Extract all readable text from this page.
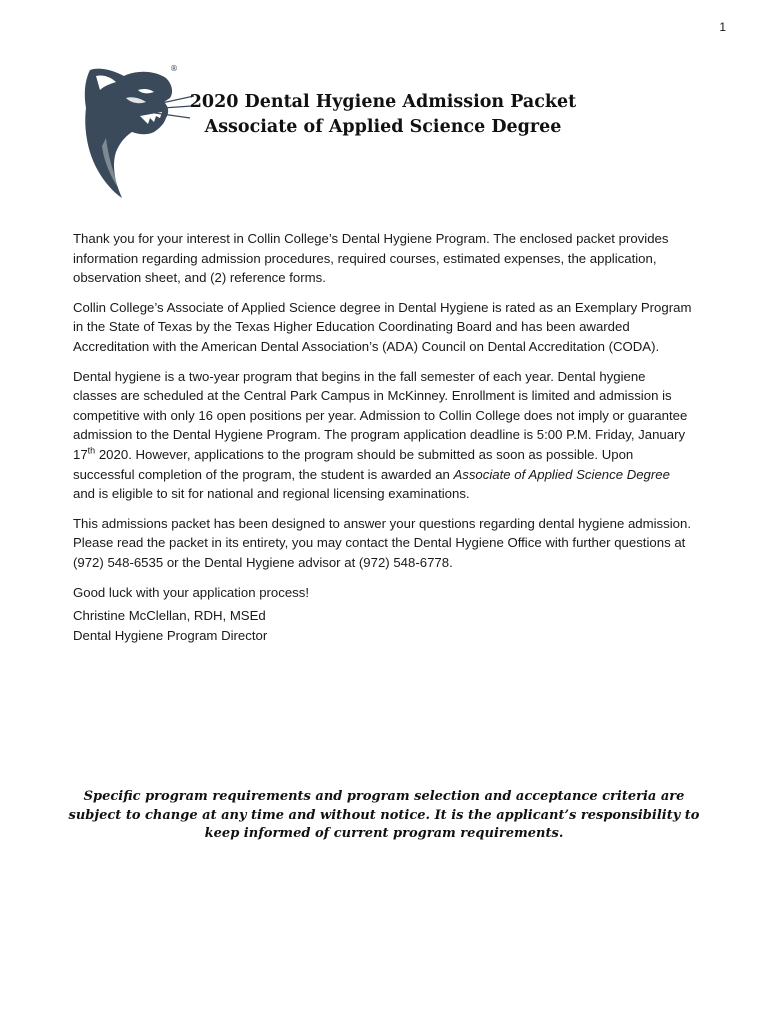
1
®
2020 Dental Hygiene Admission Packet
Associate of Applied Science Degree

Thank you for your interest in Collin College’s Dental Hygiene Program. The enclosed packet provides information regarding admission procedures, required courses, estimated expenses, the application, observation sheet, and (2) reference forms.

Collin College’s Associate of Applied Science degree in Dental Hygiene is rated as an Exemplary Program in the State of Texas by the Texas Higher Education Coordinating Board and has been awarded Accreditation with the American Dental Association’s (ADA) Council on Dental Accreditation (CODA).

Dental hygiene is a two-year program that begins in the fall semester of each year. Dental hygiene classes are scheduled at the Central Park Campus in McKinney. Enrollment is limited and admission is competitive with only 16 open positions per year. Admission to Collin College does not imply or guarantee admission to the Dental Hygiene Program. The program application deadline is 5:00 P.M. Friday, January 17th 2020. However, applications to the program should be submitted as soon as possible. Upon successful completion of the program, the student is awarded an Associate of Applied Science Degree and is eligible to sit for national and regional licensing examinations.

This admissions packet has been designed to answer your questions regarding dental hygiene admission. Please read the packet in its entirety, you may contact the Dental Hygiene Office with further questions at (972) 548-6535 or the Dental Hygiene advisor at (972) 548-6778.

Good luck with your application process!

Christine McClellan, RDH, MSEd
Dental Hygiene Program Director
Specific program requirements and program selection and acceptance criteria are subject to change at any time and without notice. It is the applicant’s responsibility to keep informed of current program requirements.
